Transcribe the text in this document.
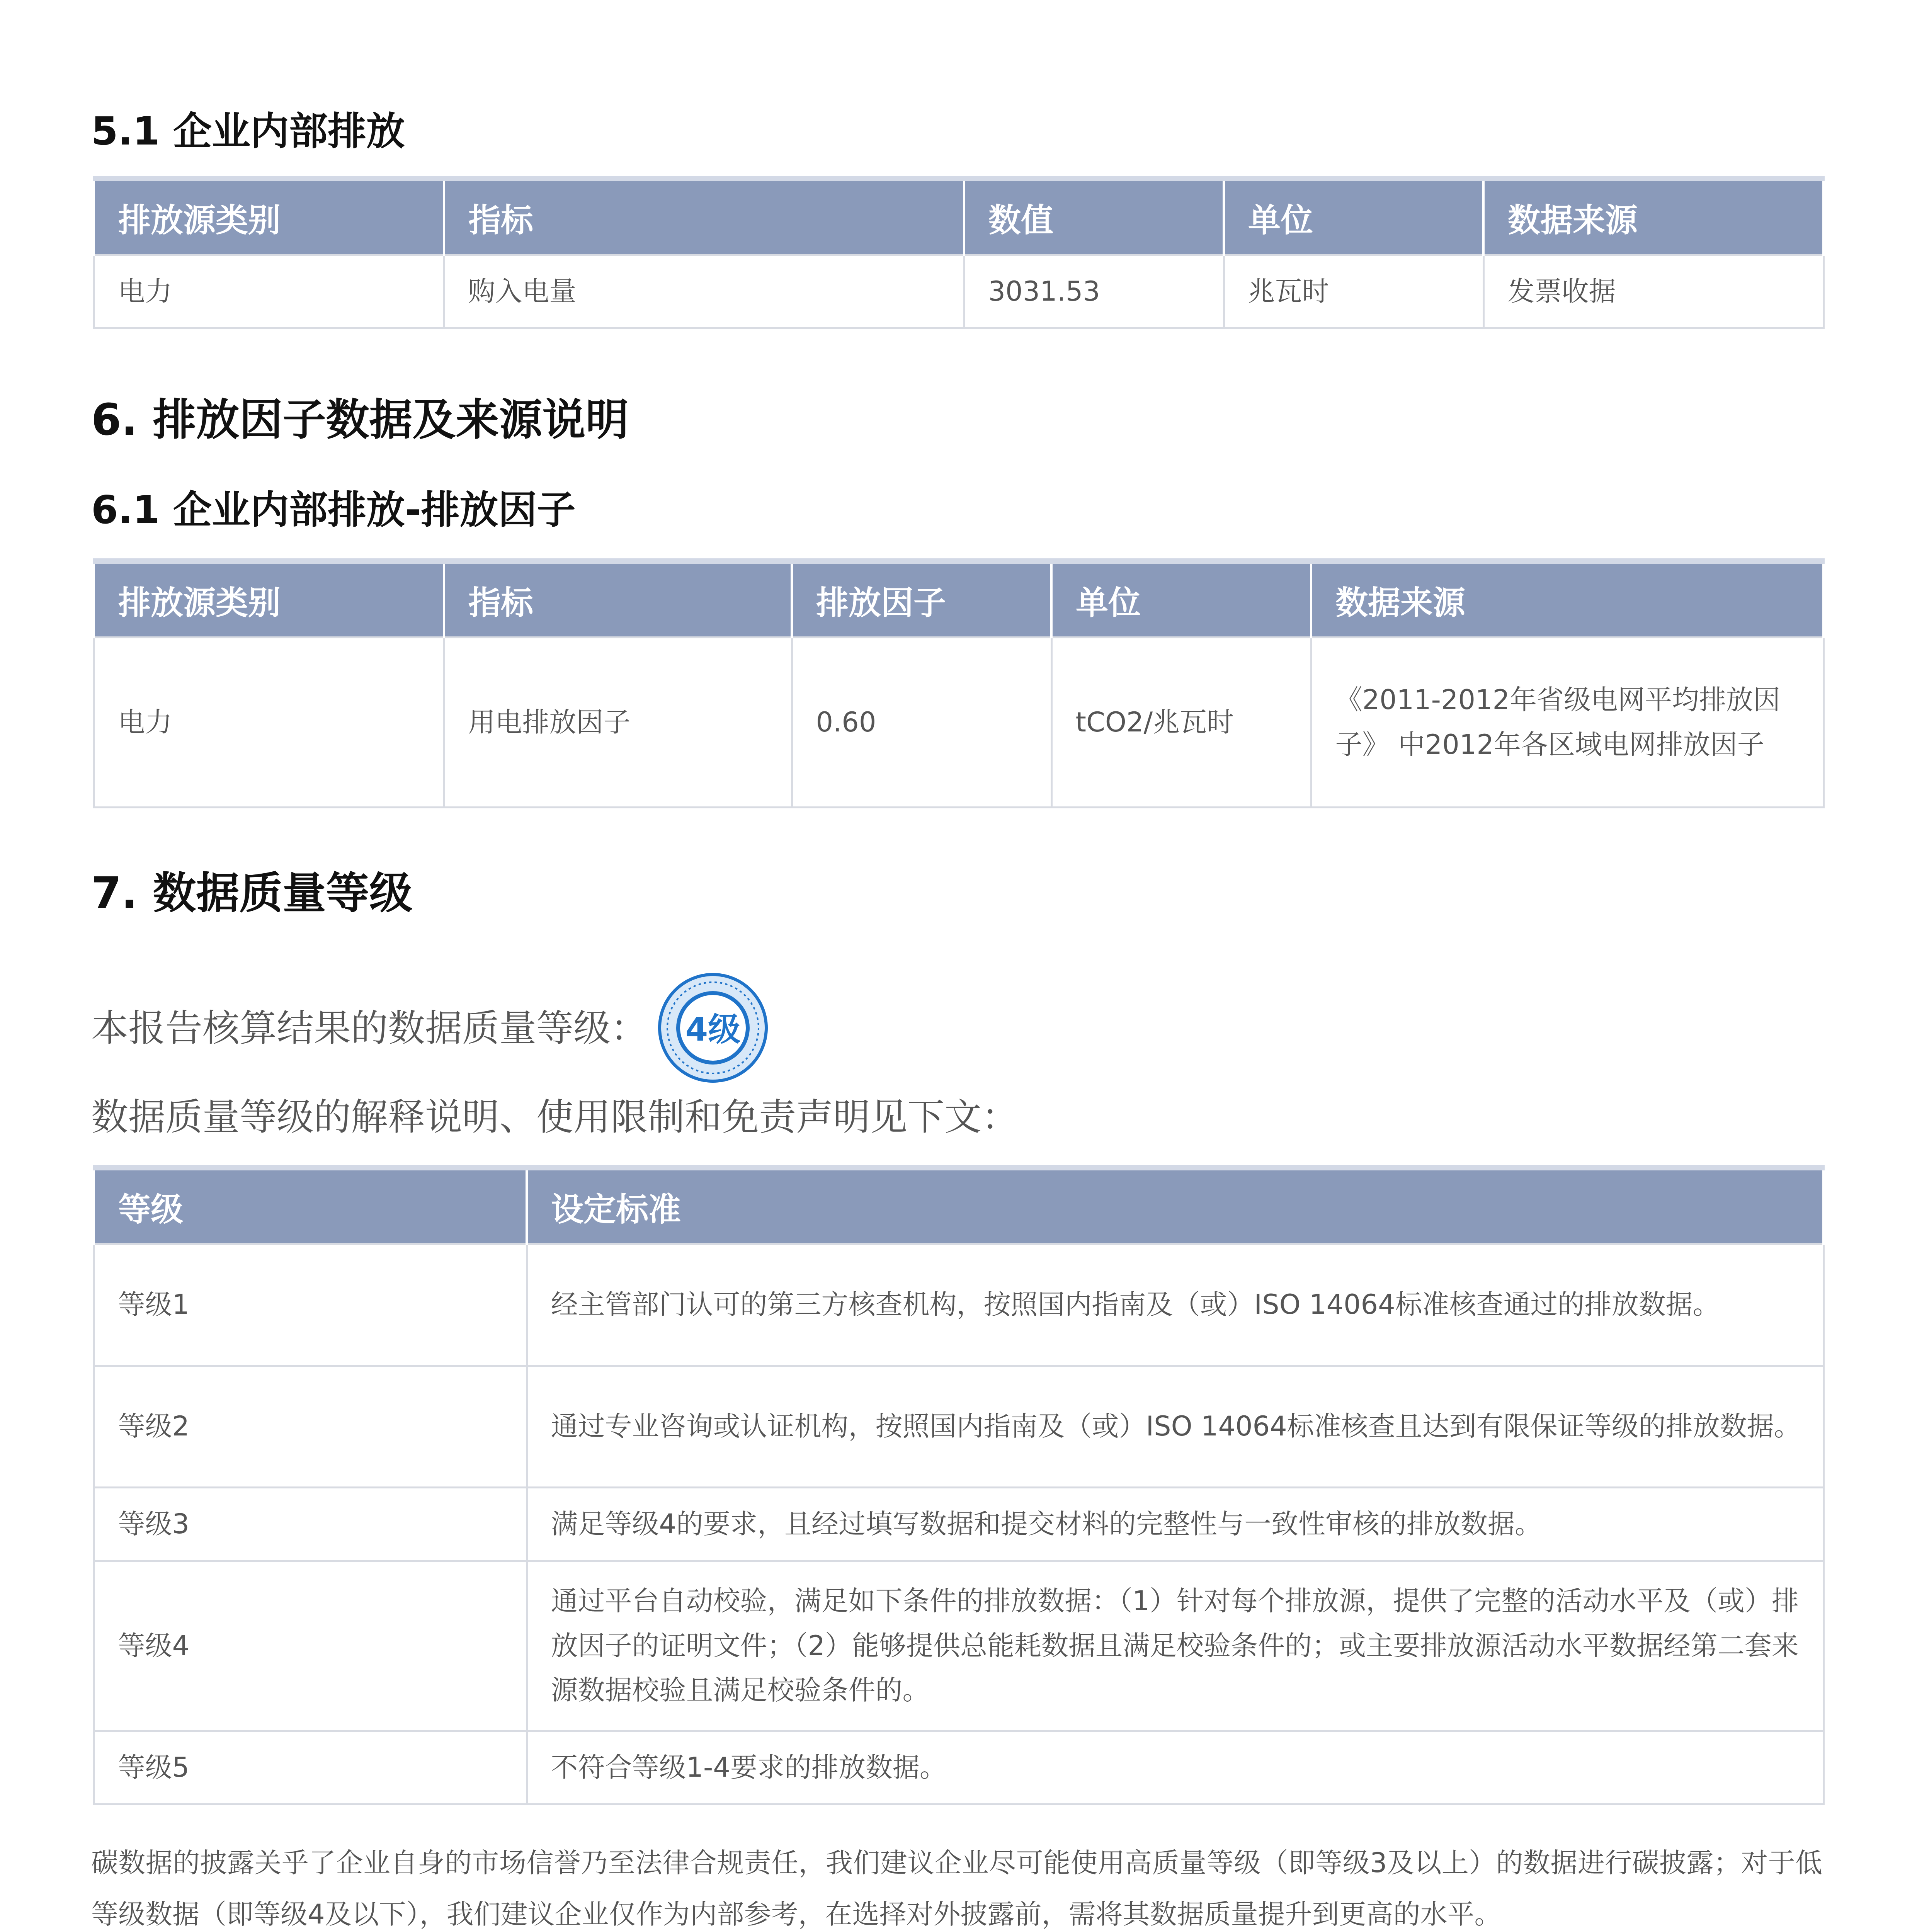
5.1 企业内部排放
排放源类别	指标	数值	单位	数据来源
电力	购入电量	3031.53	兆瓦时	发票收据
6. 排放因子数据及来源说明
6.1 企业内部排放-排放因子
排放源类别	指标	排放因子	单位	数据来源
电力	用电排放因子	0.60	tCO2/兆瓦时	《2011-2012年省级电网平均排放因子》 中2012年各区域电网排放因子
7. 数据质量等级

本报告核算结果的数据质量等级： 4级

数据质量等级的解释说明、使用限制和免责声明见下文：

等级	设定标准
等级1	经主管部门认可的第三方核查机构，按照国内指南及（或）ISO 14064标准核查通过的排放数据。
等级2	通过专业咨询或认证机构，按照国内指南及（或）ISO 14064标准核查且达到有限保证等级的排放数据。
等级3	满足等级4的要求，且经过填写数据和提交材料的完整性与一致性审核的排放数据。
等级4	通过平台自动校验，满足如下条件的排放数据：（1）针对每个排放源，提供了完整的活动水平及（或）排放因子的证明文件；（2）能够提供总能耗数据且满足校验条件的；或主要排放源活动水平数据经第二套来源数据校验且满足校验条件的。
等级5	不符合等级1-4要求的排放数据。

碳数据的披露关乎了企业自身的市场信誉乃至法律合规责任，我们建议企业尽可能使用高质量等级（即等级3及以上）的数据进行碳披露；对于低等级数据（即等级4及以下），我们建议企业仅作为内部参考，在选择对外披露前，需将其数据质量提升到更高的水平。
